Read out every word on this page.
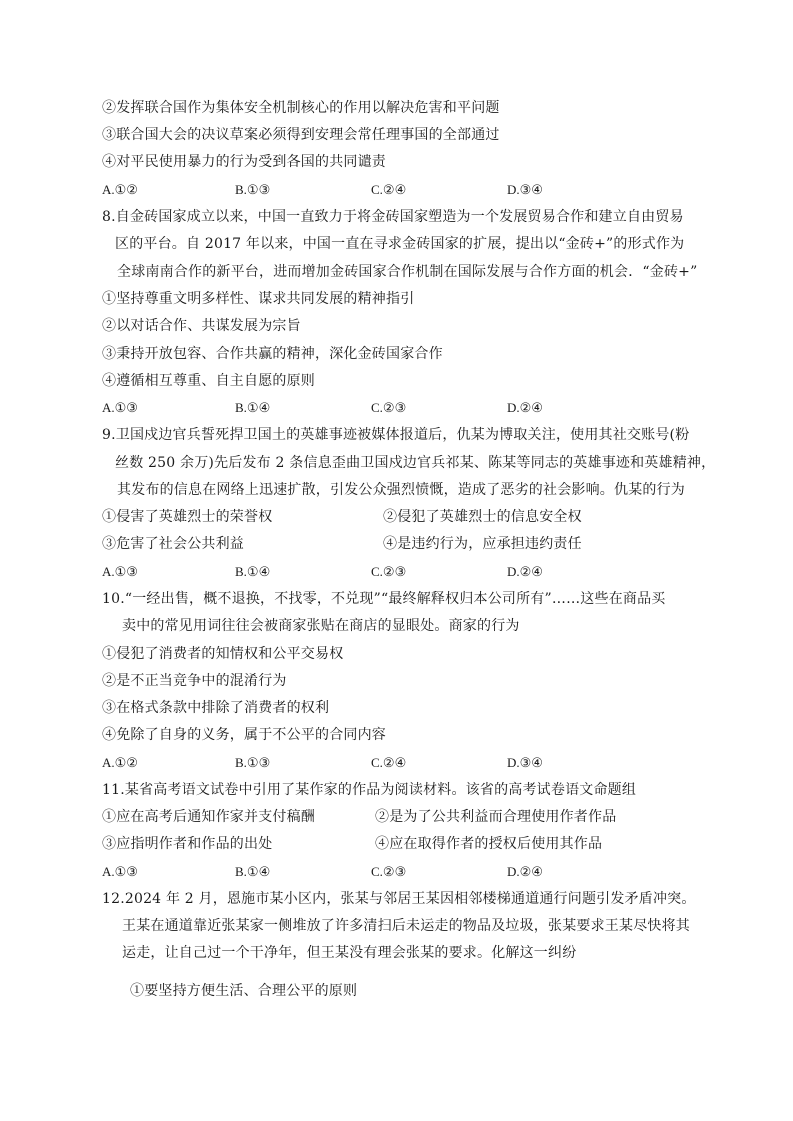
②发挥联合国作为集体安全机制核心的作用以解决危害和平问题
③联合国大会的决议草案必须得到安理会常任理事国的全部通过
④对平民使用暴力的行为受到各国的共同谴责
A.①②	B.①③	C.②④	D.③④
8.自金砖国家成立以来，中国一直致力于将金砖国家塑造为一个发展贸易合作和建立自由贸易
区的平台。自 2017 年以来，中国一直在寻求金砖国家的扩展，提出以“金砖+”的形式作为
全球南南合作的新平台，进而增加金砖国家合作机制在国际发展与合作方面的机会．“金砖+”
①坚持尊重文明多样性、谋求共同发展的精神指引
②以对话合作、共谋发展为宗旨
③秉持开放包容、合作共赢的精神，深化金砖国家合作
④遵循相互尊重、自主自愿的原则
A.①③	B.①④	C.②③	D.②④
9.卫国戍边官兵誓死捍卫国土的英雄事迹被媒体报道后，仇某为博取关注，使用其社交账号(粉
丝数 250 余万)先后发布 2 条信息歪曲卫国戍边官兵祁某、陈某等同志的英雄事迹和英雄精神，
其发布的信息在网络上迅速扩散，引发公众强烈愤慨，造成了恶劣的社会影响。仇某的行为
①侵害了英雄烈士的荣誉权	②侵犯了英雄烈士的信息安全权
③危害了社会公共利益	④是违约行为，应承担违约责任
A.①③	B.①④	C.②③	D.②④
10.“一经出售，概不退换，不找零，不兑现”“最终解释权归本公司所有”……这些在商品买
卖中的常见用词往往会被商家张贴在商店的显眼处。商家的行为
①侵犯了消费者的知情权和公平交易权
②是不正当竞争中的混淆行为
③在格式条款中排除了消费者的权利
④免除了自身的义务，属于不公平的合同内容
A.①②	B.①③	C.②④	D.③④
11.某省高考语文试卷中引用了某作家的作品为阅读材料。该省的高考试卷语文命题组
①应在高考后通知作家并支付稿酬	②是为了公共利益而合理使用作者作品
③应指明作者和作品的出处	④应在取得作者的授权后使用其作品
A.①③	B.①④	C.②③	D.②④
12.2024 年 2 月，恩施市某小区内，张某与邻居王某因相邻楼梯通道通行问题引发矛盾冲突。
王某在通道靠近张某家一侧堆放了许多清扫后未运走的物品及垃圾，张某要求王某尽快将其
运走，让自己过一个干净年，但王某没有理会张某的要求。化解这一纠纷
①要坚持方便生活、合理公平的原则
